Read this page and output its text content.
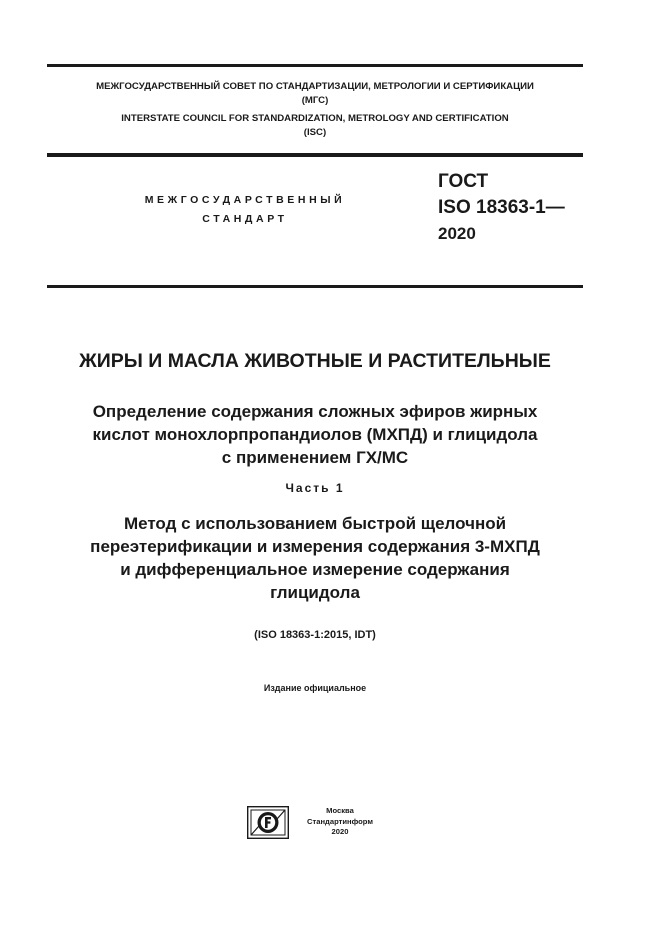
МЕЖГОСУДАРСТВЕННЫЙ СОВЕТ ПО СТАНДАРТИЗАЦИИ, МЕТРОЛОГИИ И СЕРТИФИКАЦИИ
(МГС)
INTERSTATE COUNCIL FOR STANDARDIZATION, METROLOGY AND CERTIFICATION
(ISC)
МЕЖГОСУДАРСТВЕННЫЙ
СТАНДАРТ
ГОСТ
ISO 18363-1—
2020
ЖИРЫ И МАСЛА ЖИВОТНЫЕ И РАСТИТЕЛЬНЫЕ
Определение содержания сложных эфиров жирных
кислот монохлорпропандиолов (МХПД) и глицидола
с применением ГХ/МС
Часть 1
Метод с использованием быстрой щелочной
переэтерификации и измерения содержания 3-МХПД
и дифференциальное измерение содержания
глицидола
(ISO 18363-1:2015, IDT)
Издание официальное
Москва
Стандартинформ
2020
